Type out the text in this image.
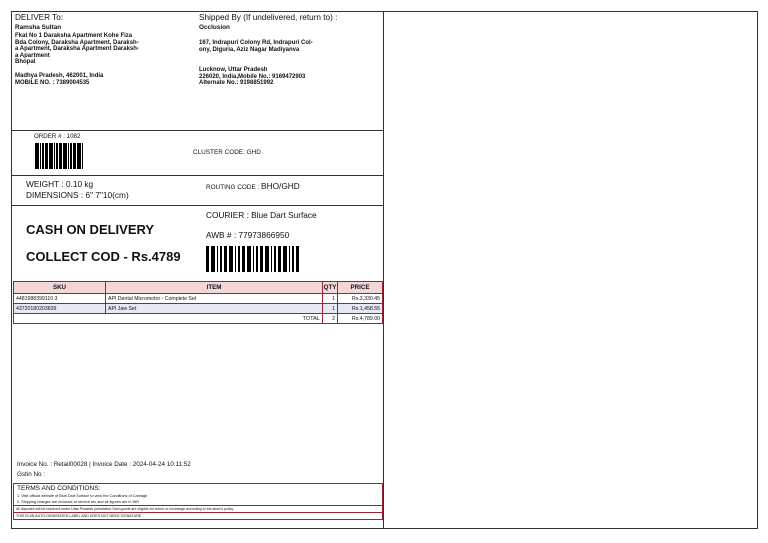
DELIVER To:
Ramsha Sultan
Fkat No 1 Daraksha Apartment Kohe Fiza
Bda Colony, Daraksha Apartment, Daraksh-
a Apartment, Daraksha Apartment Daraksh-
a Apartment
Bhopal
Madhya Pradesh, 462001, India
MOBILE NO. : 7389004535
Shipped By (If undelivered, return to) :
Occlusion
167, Indrapuri Colony Rd, Indrapuri Col-
ony, Diguria, Aziz Nagar Madiyanva
Lucknow, Uttar Pradesh
226020, India,Mobile No.: 9169472903
Alternate No.: 9198851992
ORDER # : 1082
CLUSTER CODE: GHD
WEIGHT : 0.10 kg
DIMENSIONS : 6" 7"10(cm)
ROUTING CODE : BHO/GHD
CASH ON DELIVERY
COLLECT COD - Rs.4789
COURIER : Blue Dart Surface
AWB # : 77973866950
SKU	ITEM	QTY	PRICE
4481988399110 3	API Dental Micromotor - Complete Set	1	Rs.3,330.45
43720180203839	API Jaw Set	1	Rs.1,458.55
TOTAL		2	Rs.4,789.00
Invoice No. : Retail00028 | Invoice Date : 2024-04-24 10:11:52
Gstin No :
TERMS AND CONDITIONS:
1. Visit official website of Blue Dart Surface to view the Conditions of Carriage.
2. Shipping charges are inclusive of service tax and all figures are in INR.
All disputes will be resolved under Uttar Pradesh jurisdiction.Sold goods are eligible for return or exchange according to the store's policy.
THIS IS AN AUTO-GENERATED LABEL AND DOES NOT NEED SIGNATURE.
